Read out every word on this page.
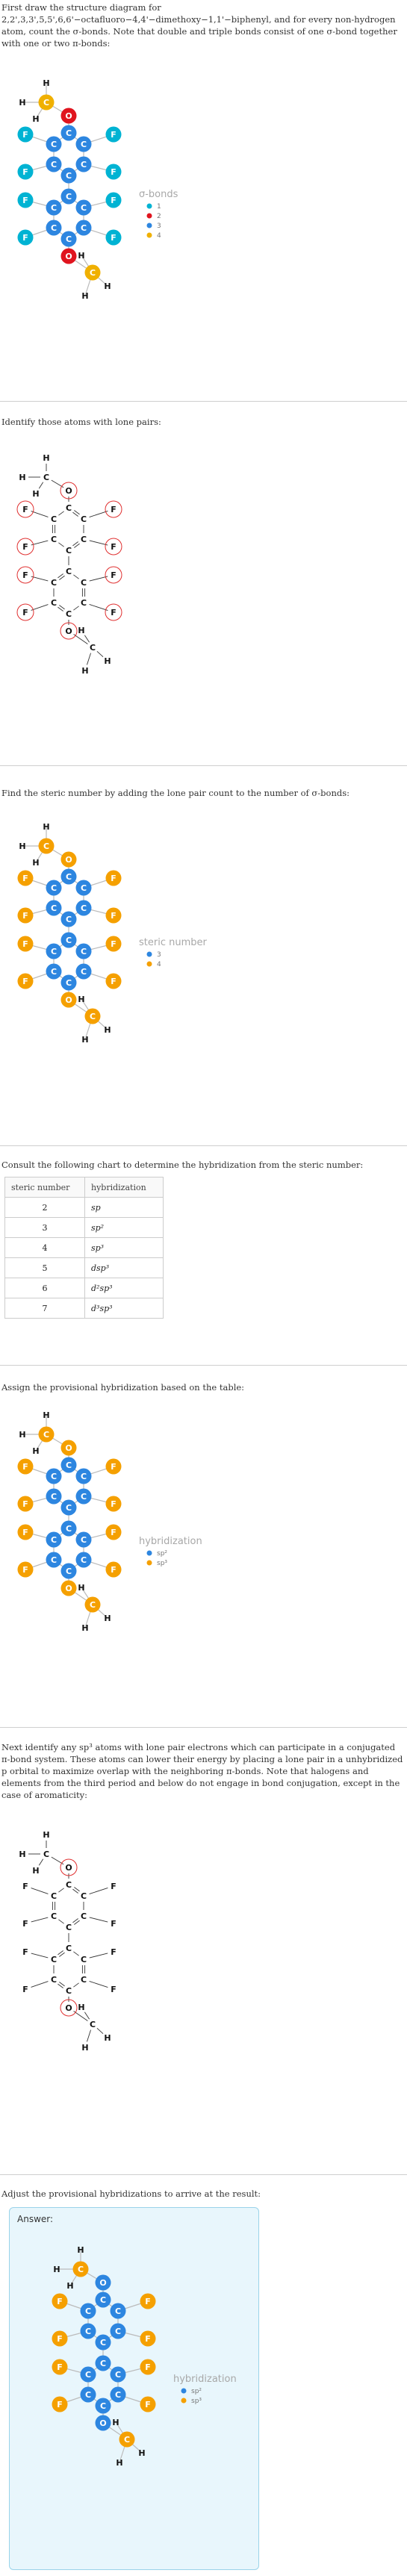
First draw the structure diagram for 2,2',3,3',5,5',6,6'−octafluoro−4,4'−dimethoxy−1,1'−biphenyl, and for every non-hydrogen atom, count the σ-bonds. Note that double and triple bonds consist of one σ-bond together with one or two π-bonds:
H
H
H
C
O
C
C	C
C	C
C
C
C	C
C	C
C
O
C
H
H
H
F	F
F	F
F	F
F	F
σ-bonds
1
2
3
4
Identify those atoms with lone pairs:
H
H
H
C
O
C
C	C
C	C
C
C
C	C
C	C
C
O
C
H
H
H
F	F
F	F
F	F
F	F
Find the steric number by adding the lone pair count to the number of σ-bonds:
H
H
H
C
O
C
C	C
C	C
C
C
C	C
C	C
C
O
C
H
H
H
F	F
F	F
F	F
F	F
steric number
3
4
Consult the following chart to determine the hybridization from the steric number:
steric number	hybridization
2	sp
3	sp²
4	sp³
5	dsp³
6	d²sp³
7	d³sp³
Assign the provisional hybridization based on the table:
H
H
H
C
O
C
C	C
C	C
C
C
C	C
C	C
C
O
C
H
H
H
F	F
F	F
F	F
F	F
hybridization
sp²
sp³
Next identify any sp³ atoms with lone pair electrons which can participate in a conjugated π-bond system. These atoms can lower their energy by placing a lone pair in a unhybridized p orbital to maximize overlap with the neighboring π-bonds. Note that halogens and elements from the third period and below do not engage in bond conjugation, except in the case of aromaticity:
H
H
H
C
O
C
C	C
C	C
C
C
C	C
C	C
C
O
C
H
H
H
F	F
F	F
F	F
F	F
Adjust the provisional hybridizations to arrive at the result:
Answer:
H
H
H
C
O
C
C	C
C	C
C
C
C	C
C	C
C
O
C
H
H
H
F	F
F	F
F	F
F	F
hybridization
sp²
sp³
